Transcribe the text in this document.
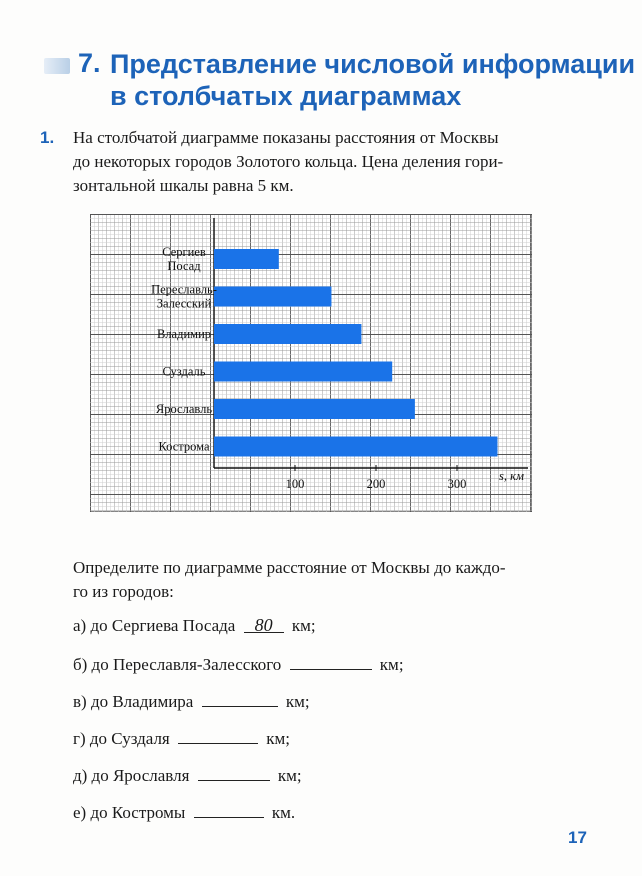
7. Представление числовой информации
в столбчатых диаграммах
1. На столбчатой диаграмме показаны расстояния от Москвы
до некоторых городов Золотого кольца. Цена деления гори-
зонтальной шкалы равна 5 км.
Сергиев
Посад
Переславль-
Залесский
Владимир
Суздаль
Ярославль
Кострома
100	200	300
s, км
Определите по диаграмме расстояние от Москвы до каждо-
го из городов:
а) до Сергиева Посада 80 км;
б) до Переславля-Залесского	км;
в) до Владимира	км;
г) до Суздаля	км;
д) до Ярославля	км;
е) до Костромы	км.
17
